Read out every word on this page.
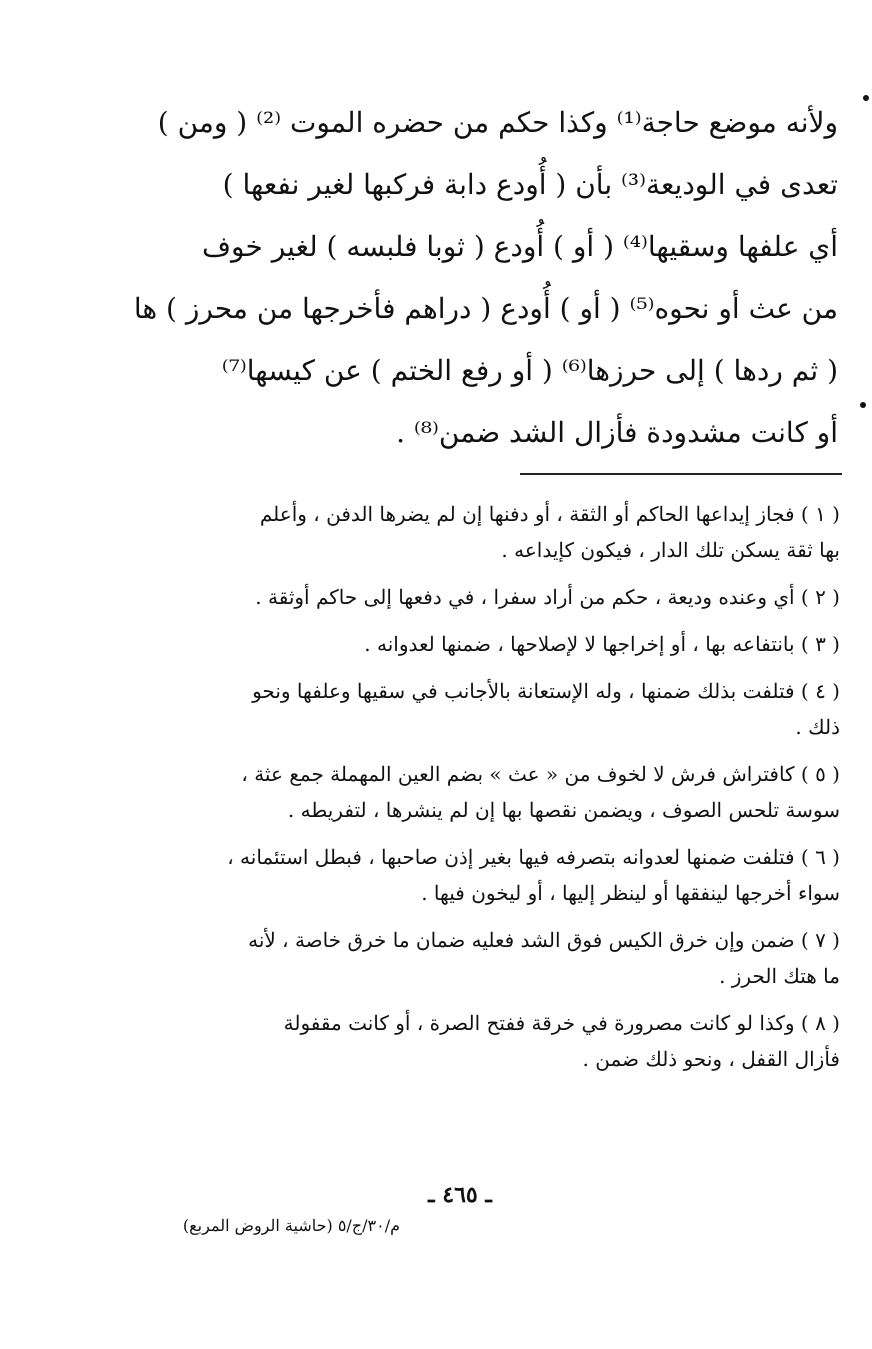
ولأنه موضع حاجة⁽¹⁾ وكذا حكم من حضره الموت ⁽²⁾ ( ومن )
تعدى في الوديعة⁽³⁾ بأن ( أُودع دابة فركبها لغير نفعها )
أي علفها وسقيها⁽⁴⁾ ( أو ) أُودع ( ثوبا فلبسه ) لغير خوف
من عث أو نحوه⁽⁵⁾ ( أو ) أُودع ( دراهم فأخرجها من محرز ) ها
( ثم ردها ) إلى حرزها⁽⁶⁾ ( أو رفع الختم ) عن كيسها⁽⁷⁾
أو كانت مشدودة فأزال الشد ضمن⁽⁸⁾ .
( ١ ) فجاز إيداعها الحاكم أو الثقة ، أو دفنها إن لم يضرها الدفن ، وأعلم
بها ثقة يسكن تلك الدار ، فيكون كإيداعه .
( ٢ ) أي وعنده وديعة ، حكم من أراد سفرا ، في دفعها إلى حاكم أوثقة .
( ٣ ) بانتفاعه بها ، أو إخراجها لا لإصلاحها ، ضمنها لعدوانه .
( ٤ ) فتلفت بذلك ضمنها ، وله الإستعانة بالأجانب في سقيها وعلفها ونحو
ذلك .
( ٥ ) كافتراش فرش لا لخوف من « عث » بضم العين المهملة جمع عثة ،
سوسة تلحس الصوف ، ويضمن نقصها بها إن لم ينشرها ، لتفريطه .
( ٦ ) فتلفت ضمنها لعدوانه بتصرفه فيها بغير إذن صاحبها ، فبطل استئمانه ،
سواء أخرجها لينفقها أو لينظر إليها ، أو ليخون فيها .
( ٧ ) ضمن وإن خرق الكيس فوق الشد فعليه ضمان ما خرق خاصة ، لأنه
ما هتك الحرز .
( ٨ ) وكذا لو كانت مصرورة في خرقة ففتح الصرة ، أو كانت مقفولة
فأزال القفل ، ونحو ذلك ضمن .
ـ ٤٦٥ ـ
م/٣٠/ج/٥ (حاشية الروض المربع)
